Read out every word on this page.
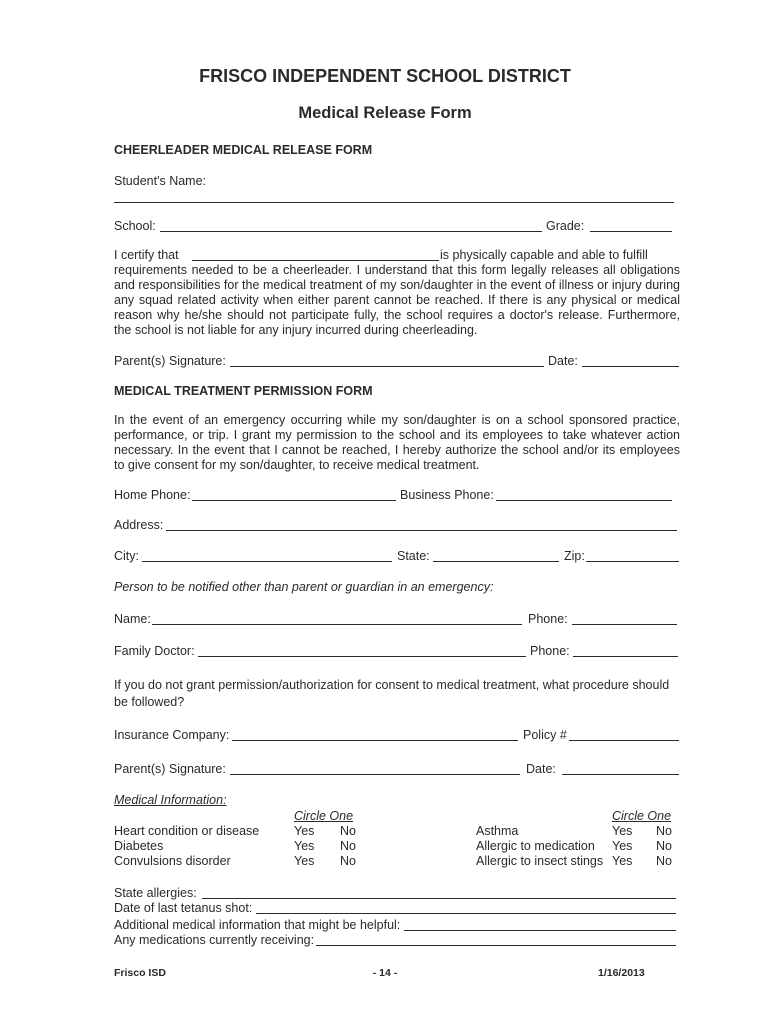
FRISCO INDEPENDENT SCHOOL DISTRICT
Medical Release Form
CHEERLEADER MEDICAL RELEASE FORM
Student's Name:
School:	Grade:
I certify that	is physically capable and able to fulfill
requirements needed to be a cheerleader. I understand that this form legally releases all obligations and responsibilities for the medical treatment of my son/daughter in the event of illness or injury during any squad related activity when either parent cannot be reached. If there is any physical or medical reason why he/she should not participate fully, the school requires a doctor's release. Furthermore, the school is not liable for any injury incurred during cheerleading.
Parent(s) Signature:	Date:
MEDICAL TREATMENT PERMISSION FORM
In the event of an emergency occurring while my son/daughter is on a school sponsored practice, performance, or trip. I grant my permission to the school and its employees to take whatever action necessary. In the event that I cannot be reached, I hereby authorize the school and/or its employees to give consent for my son/daughter, to receive medical treatment.
Home Phone:	Business Phone:
Address:
City:	State:	Zip:
Person to be notified other than parent or guardian in an emergency:
Name:	Phone:
Family Doctor:	Phone:
If you do not grant permission/authorization for consent to medical treatment, what procedure should be followed?
Insurance Company:	Policy #
Parent(s) Signature:	Date:
Medical Information:
Circle One	Circle One
Heart condition or disease	Yes No	Asthma	Yes No
Diabetes	Yes No	Allergic to medication Yes No
Convulsions disorder	Yes No	Allergic to insect stings Yes No
State allergies:
Date of last tetanus shot:
Additional medical information that might be helpful:
Any medications currently receiving:
Frisco ISD	- 14 -	1/16/2013
